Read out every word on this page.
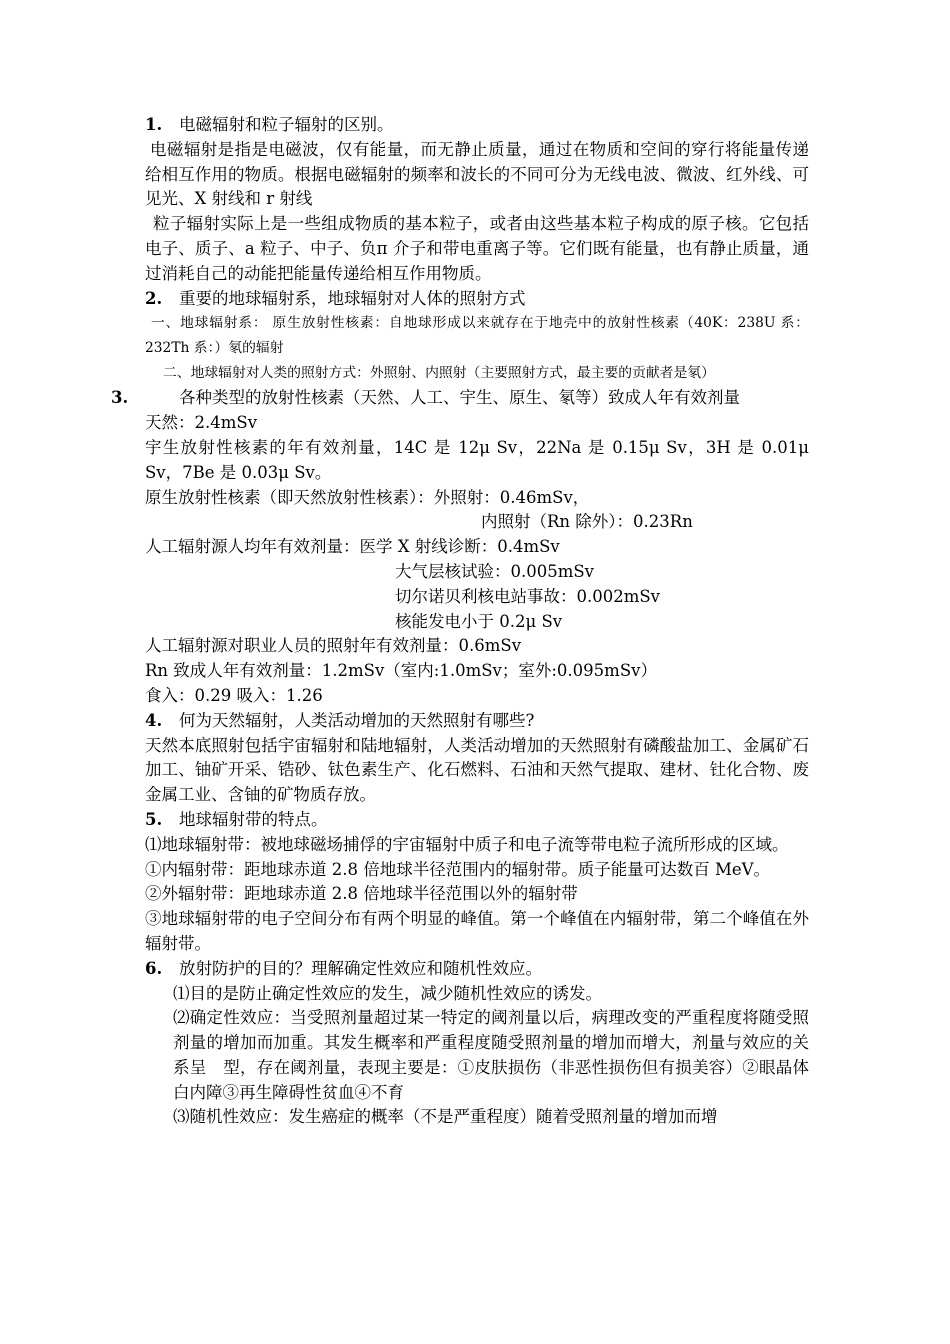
1. 电磁辐射和粒子辐射的区别。

电磁辐射是指是电磁波，仅有能量，而无静止质量，通过在物质和空间的穿行将能量传递给相互作用的物质。根据电磁辐射的频率和波长的不同可分为无线电波、微波、红外线、可见光、X 射线和 r 射线

粒子辐射实际上是一些组成物质的基本粒子，或者由这些基本粒子构成的原子核。它包括电子、质子、a 粒子、中子、负π 介子和带电重离子等。它们既有能量，也有静止质量，通过消耗自己的动能把能量传递给相互作用物质。

2. 重要的地球辐射系，地球辐射对人体的照射方式

一、地球辐射系： 原生放射性核素：自地球形成以来就存在于地壳中的放射性核素（40K：238U 系：232Th 系：）氡的辐射

二、地球辐射对人类的照射方式：外照射、内照射（主要照射方式，最主要的贡献者是氡）

3.	各种类型的放射性核素（天然、人工、宇生、原生、氡等）致成人年有效剂量

天然：2.4mSv

宇生放射性核素的年有效剂量，14C 是 12μ Sv，22Na 是 0.15μ Sv，3H 是 0.01μ Sv，7Be 是 0.03μ Sv。

原生放射性核素（即天然放射性核素）：外照射：0.46mSv，

内照射（Rn 除外）：0.23Rn

人工辐射源人均年有效剂量：医学 X 射线诊断：0.4mSv

大气层核试验：0.005mSv

切尔诺贝利核电站事故：0.002mSv

核能发电小于 0.2μ Sv

人工辐射源对职业人员的照射年有效剂量：0.6mSv

Rn 致成人年有效剂量：1.2mSv（室内:1.0mSv；室外:0.095mSv）

食入：0.29 吸入：1.26

4. 何为天然辐射，人类活动增加的天然照射有哪些?

天然本底照射包括宇宙辐射和陆地辐射，人类活动增加的天然照射有磷酸盐加工、金属矿石加工、铀矿开采、锆砂、钛色素生产、化石燃料、石油和天然气提取、建材、钍化合物、废金属工业、含铀的矿物质存放。

5. 地球辐射带的特点。

⑴地球辐射带：被地球磁场捕俘的宇宙辐射中质子和电子流等带电粒子流所形成的区域。

①内辐射带：距地球赤道 2.8 倍地球半径范围内的辐射带。质子能量可达数百 MeV。

②外辐射带：距地球赤道 2.8 倍地球半径范围以外的辐射带

③地球辐射带的电子空间分布有两个明显的峰值。第一个峰值在内辐射带，第二个峰值在外辐射带。

6. 放射防护的目的？理解确定性效应和随机性效应。

⑴目的是防止确定性效应的发生，减少随机性效应的诱发。

⑵确定性效应：当受照剂量超过某一特定的阈剂量以后，病理改变的严重程度将随受照剂量的增加而加重。其发生概率和严重程度随受照剂量的增加而增大，剂量与效应的关系呈　型，存在阈剂量，表现主要是：①皮肤损伤（非恶性损伤但有损美容）②眼晶体白内障③再生障碍性贫血④不育

⑶随机性效应：发生癌症的概率（不是严重程度）随着受照剂量的增加而增
